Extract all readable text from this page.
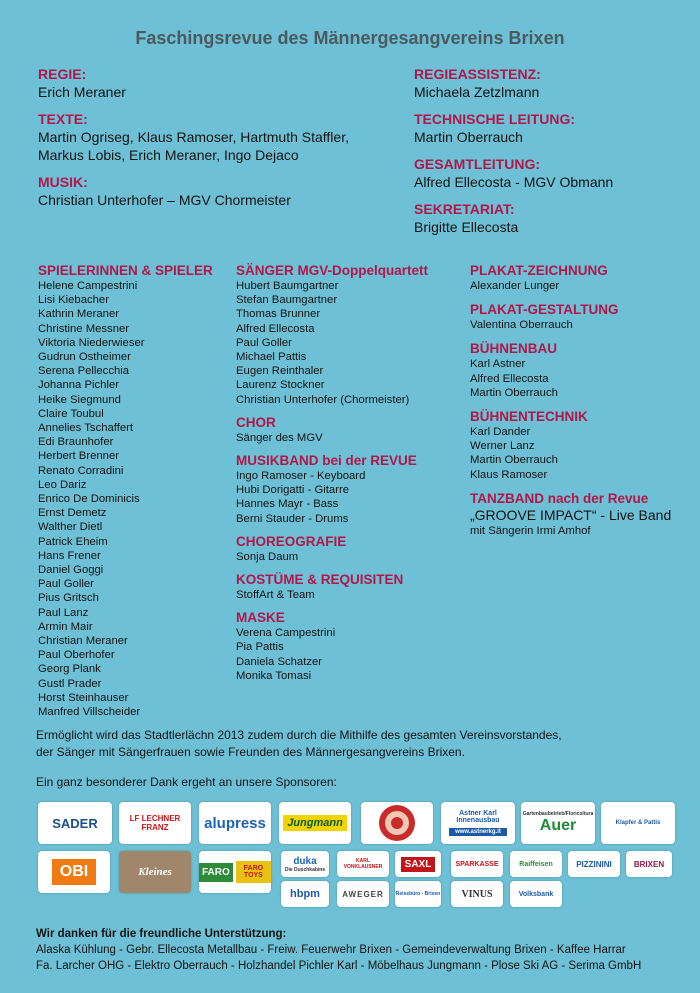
Faschingsrevue des Männergesangvereins Brixen
REGIE:
Erich Meraner
TEXTE:
Martin Ogriseg, Klaus Ramoser, Hartmuth Staffler,
Markus Lobis, Erich Meraner, Ingo Dejaco
MUSIK:
Christian Unterhofer – MGV Chormeister
REGIEASSISTENZ:
Michaela Zetzlmann
TECHNISCHE LEITUNG:
Martin Oberrauch
GESAMTLEITUNG:
Alfred Ellecosta - MGV Obmann
SEKRETARIAT:
Brigitte Ellecosta
SPIELERINNEN & SPIELER
Helene Campestrini
Lisi Kiebacher
Kathrin Meraner
Christine Messner
Viktoria Niederwieser
Gudrun Ostheimer
Serena Pellecchia
Johanna Pichler
Heike Siegmund
Claire Toubul
Annelies Tschaffert
Edi Braunhofer
Herbert Brenner
Renato Corradini
Leo Dariz
Enrico De Dominicis
Ernst Demetz
Walther Dietl
Patrick Eheim
Hans Frener
Daniel Goggi
Paul Goller
Pius Gritsch
Paul Lanz
Armin Mair
Christian Meraner
Paul Oberhofer
Georg Plank
Gustl Prader
Horst Steinhauser
Manfred Villscheider
SÄNGER MGV-Doppelquartett
Hubert Baumgartner
Stefan Baumgartner
Thomas Brunner
Alfred Ellecosta
Paul Goller
Michael Pattis
Eugen Reinthaler
Laurenz Stockner
Christian Unterhofer (Chormeister)
CHOR
Sänger des MGV
MUSIKBAND bei der REVUE
Ingo Ramoser - Keyboard
Hubi Dorigatti - Gitarre
Hannes Mayr - Bass
Berni Stauder - Drums
CHOREOGRAFIE
Sonja Daum
KOSTÜME & REQUISITEN
StoffArt & Team
MASKE
Verena Campestrini
Pia Pattis
Daniela Schatzer
Monika Tomasi
PLAKAT-ZEICHNUNG
Alexander Lunger
PLAKAT-GESTALTUNG
Valentina Oberrauch
BÜHNENBAU
Karl Astner
Alfred Ellecosta
Martin Oberrauch
BÜHNENTECHNIK
Karl Dander
Werner Lanz
Martin Oberrauch
Klaus Ramoser
TANZBAND nach der Revue
„GROOVE IMPACT“ - Live Band
mit Sängerin Irmi Amhof
Ermöglicht wird das Stadtlerlächn 2013 zudem durch die Mithilfe des gesamten Vereinsvorstandes,
der Sänger mit Sängerfrauen sowie Freunden des Männergesangvereins Brixen.
Ein ganz besonderer Dank ergeht an unsere Sponsoren:
SADER	LF LECHNER FRANZ	alupress	Jungmann
Astner Karl Innenausbau
www.astnerkg.it
Gartenbaubetrieb/Floricoltura
Auer	Klapfer & Pattis
OBI	Kleines	FARO	FARO TOYS
duka
Die Duschkabine
KARL VONKLAUSNER	SAXL	SPARKASSE	Raiffeisen	PIZZININI	BRIXEN
hbpm	AWEGER Reisebüro - Brixen VINUS	Volksbank
Wir danken für die freundliche Unterstützung:
Alaska Kühlung - Gebr. Ellecosta Metallbau - Freiw. Feuerwehr Brixen - Gemeindeverwaltung Brixen - Kaffee Harrar
Fa. Larcher OHG - Elektro Oberrauch - Holzhandel Pichler Karl - Möbelhaus Jungmann - Plose Ski AG - Serima GmbH
